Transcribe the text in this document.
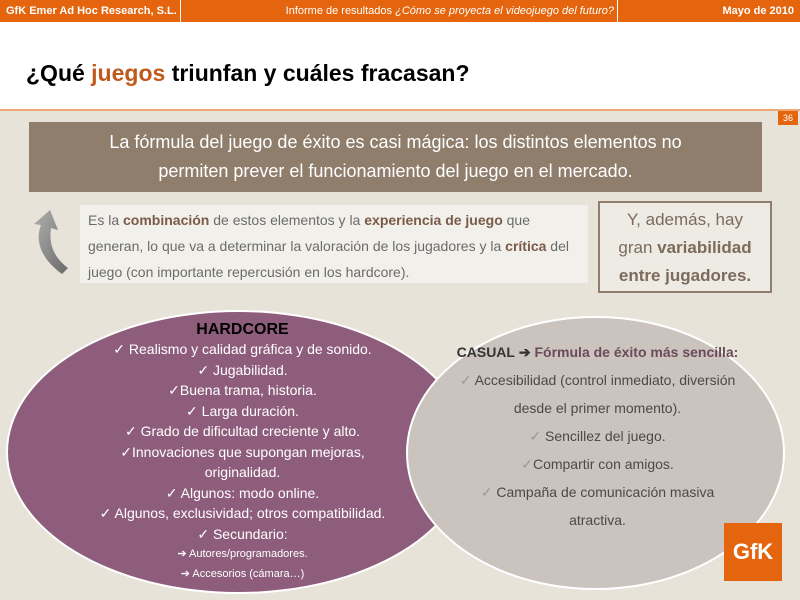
GfK Emer Ad Hoc Research, S.L.	Informe de resultados ¿Cómo se proyecta el videojuego del futuro?	Mayo de 2010
¿Qué juegos triunfan y cuáles fracasan?
36
La fórmula del juego de éxito es casi mágica: los distintos elementos no
permiten prever el funcionamiento del juego en el mercado.
Es la combinación de estos elementos y la experiencia de juego que generan, lo que va a determinar la valoración de los jugadores y la crítica del juego (con importante repercusión en los hardcore).
Y, además, hay
gran variabilidad
entre jugadores.
HARDCORE
✓ Realismo y calidad gráfica y de sonido.
✓ Jugabilidad.
✓Buena trama, historia.
✓ Larga duración.
✓ Grado de dificultad creciente y alto.
✓Innovaciones que supongan mejoras,
originalidad.
✓ Algunos: modo online.
✓ Algunos, exclusividad; otros compatibilidad.
✓ Secundario:
➔ Autores/programadores.
➔ Accesorios (cámara…)
CASUAL ➔ Fórmula de éxito más sencilla:
✓ Accesibilidad (control inmediato, diversión desde el primer momento).
✓ Sencillez del juego.
✓Compartir con amigos.
✓ Campaña de comunicación masiva atractiva.
GfK
